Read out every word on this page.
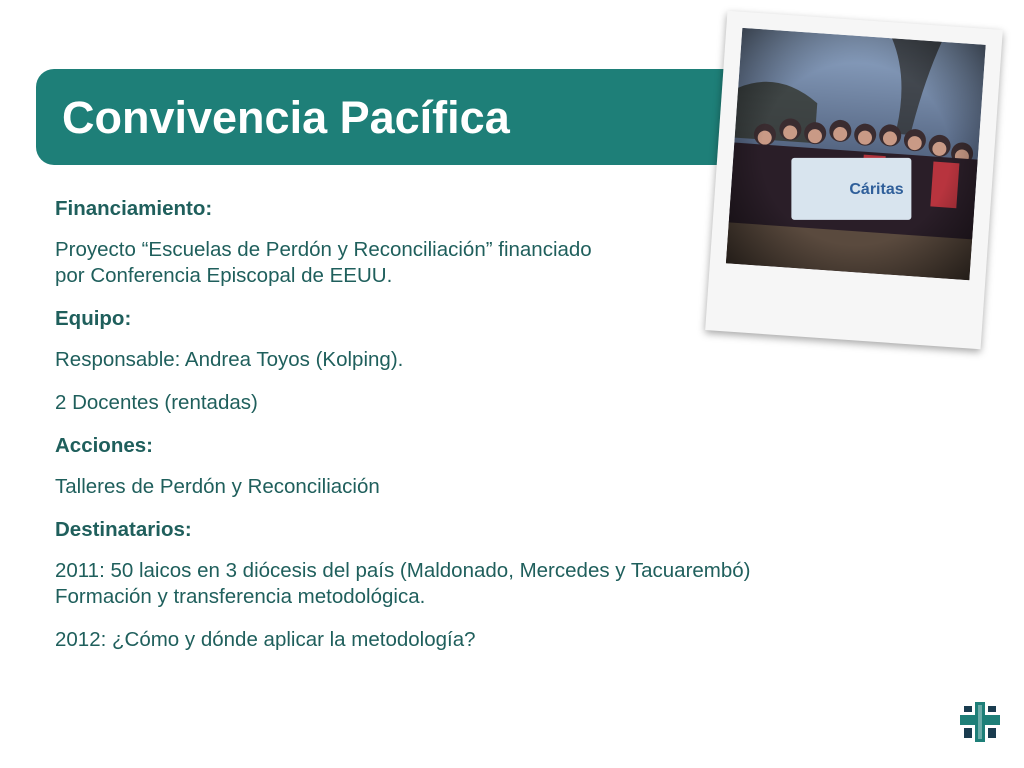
Convivencia Pacífica

Financiamiento:

Proyecto “Escuelas de Perdón y Reconciliación” financiado
por Conferencia Episcopal de EEUU.

Equipo:

Responsable: Andrea Toyos (Kolping).

2 Docentes (rentadas)

Acciones:

Talleres de Perdón y Reconciliación

Destinatarios:

2011: 50 laicos en 3 diócesis del país (Maldonado, Mercedes y Tacuarembó)
Formación y transferencia metodológica.

2012: ¿Cómo y dónde aplicar la metodología?
